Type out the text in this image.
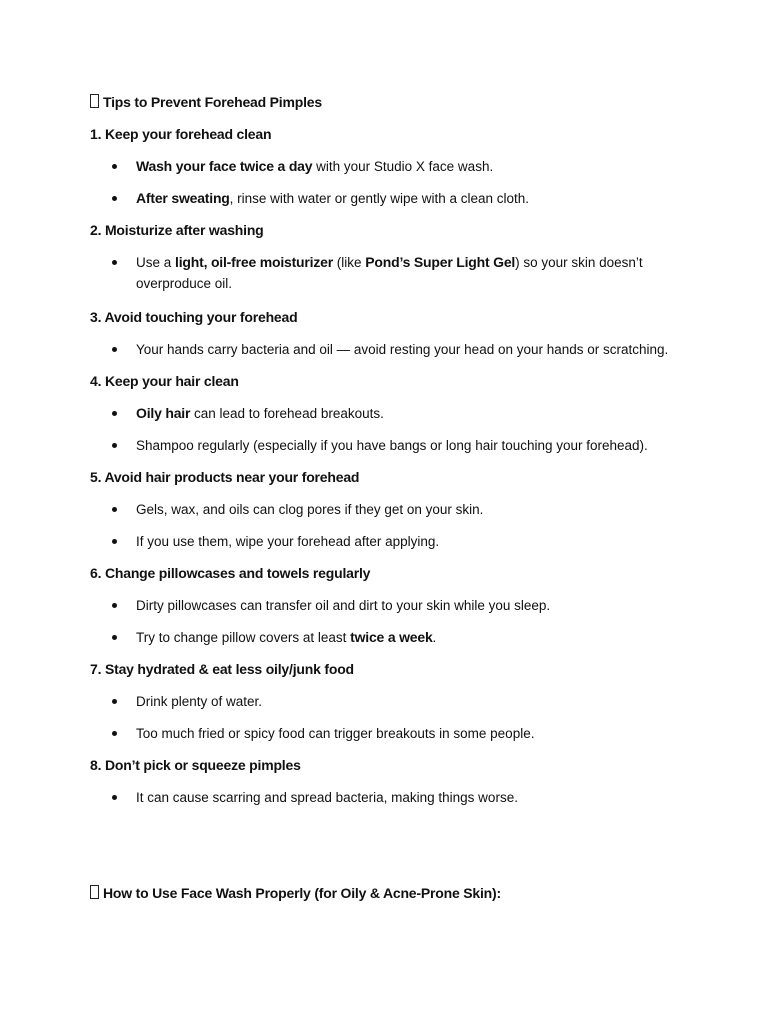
Tips to Prevent Forehead Pimples
1. Keep your forehead clean
Wash your face twice a day with your Studio X face wash.
After sweating, rinse with water or gently wipe with a clean cloth.
2. Moisturize after washing
Use a light, oil-free moisturizer (like Pond’s Super Light Gel) so your skin doesn’t overproduce oil.
3. Avoid touching your forehead
Your hands carry bacteria and oil — avoid resting your head on your hands or scratching.
4. Keep your hair clean
Oily hair can lead to forehead breakouts.
Shampoo regularly (especially if you have bangs or long hair touching your forehead).
5. Avoid hair products near your forehead
Gels, wax, and oils can clog pores if they get on your skin.
If you use them, wipe your forehead after applying.
6. Change pillowcases and towels regularly
Dirty pillowcases can transfer oil and dirt to your skin while you sleep.
Try to change pillow covers at least twice a week.
7. Stay hydrated & eat less oily/junk food
Drink plenty of water.
Too much fried or spicy food can trigger breakouts in some people.
8. Don’t pick or squeeze pimples
It can cause scarring and spread bacteria, making things worse.
How to Use Face Wash Properly (for Oily & Acne-Prone Skin):
